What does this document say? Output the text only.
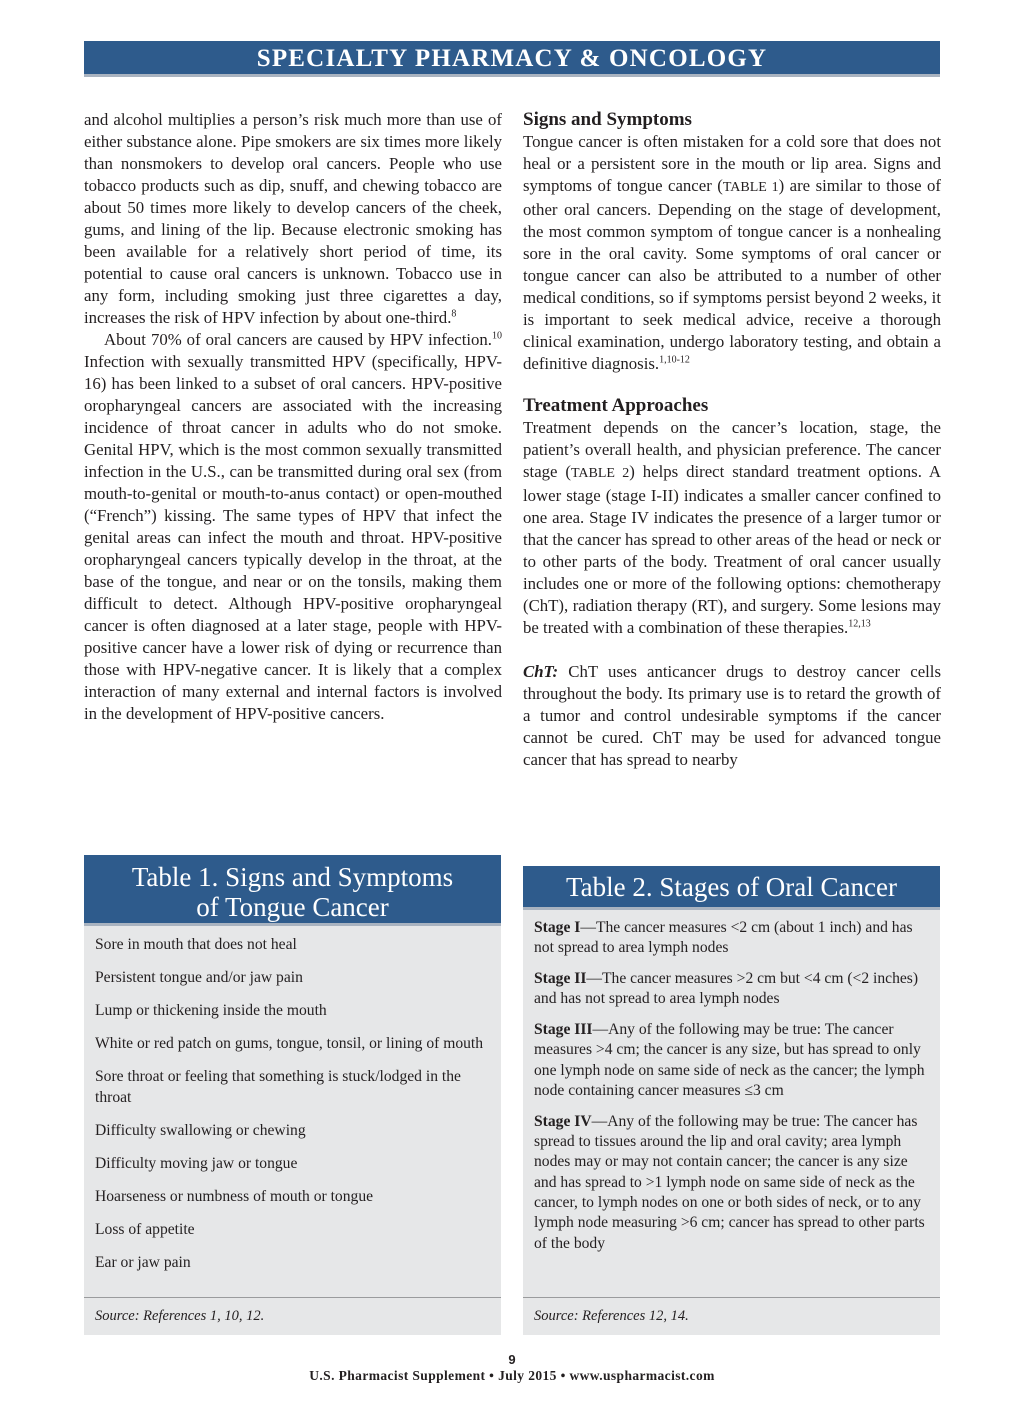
SPECIALTY PHARMACY & ONCOLOGY

and alcohol multiplies a person’s risk much more than use of either substance alone. Pipe smokers are six times more likely than nonsmokers to develop oral cancers. People who use tobacco products such as dip, snuff, and chewing tobacco are about 50 times more likely to develop cancers of the cheek, gums, and lining of the lip. Because electronic smoking has been available for a relatively short period of time, its potential to cause oral cancers is unknown. Tobacco use in any form, including smoking just three cigarettes a day, increases the risk of HPV infection by about one-third.$^8$

About 70% of oral cancers are caused by HPV infection.$^{10}$ Infection with sexually transmitted HPV (specifically, HPV-16) has been linked to a subset of oral cancers. HPV-positive oropharyngeal cancers are associated with the increasing incidence of throat cancer in adults who do not smoke. Genital HPV, which is the most common sexually transmitted infection in the U.S., can be transmitted during oral sex (from mouth-to-genital or mouth-to-anus contact) or open-mouthed (“French”) kissing. The same types of HPV that infect the genital areas can infect the mouth and throat. HPV-positive oropharyngeal cancers typically develop in the throat, at the base of the tongue, and near or on the tonsils, making them difficult to detect. Although HPV-positive oropharyngeal cancer is often diagnosed at a later stage, people with HPV-positive cancer have a lower risk of dying or recurrence than those with HPV-negative cancer. It is likely that a complex interaction of many external and internal factors is involved in the development of HPV-positive cancers.

Signs and Symptoms

Tongue cancer is often mistaken for a cold sore that does not heal or a persistent sore in the mouth or lip area. Signs and symptoms of tongue cancer (TABLE 1) are similar to those of other oral cancers. Depending on the stage of development, the most common symptom of tongue cancer is a nonhealing sore in the oral cavity. Some symptoms of oral cancer or tongue cancer can also be attributed to a number of other medical conditions, so if symptoms persist beyond 2 weeks, it is important to seek medical advice, receive a thorough clinical examination, undergo laboratory testing, and obtain a definitive diagnosis.$^{1,10-12}$

Treatment Approaches

Treatment depends on the cancer’s location, stage, the patient’s overall health, and physician preference. The cancer stage (TABLE 2) helps direct standard treatment options. A lower stage (stage I-II) indicates a smaller cancer confined to one area. Stage IV indicates the presence of a larger tumor or that the cancer has spread to other areas of the head or neck or to other parts of the body. Treatment of oral cancer usually includes one or more of the following options: chemotherapy (ChT), radiation therapy (RT), and surgery. Some lesions may be treated with a combination of these therapies.$^{12,13}$

ChT: ChT uses anticancer drugs to destroy cancer cells throughout the body. Its primary use is to retard the growth of a tumor and control undesirable symptoms if the cancer cannot be cured. ChT may be used for advanced tongue cancer that has spread to nearby

Table 1. Signs and Symptoms
of Tongue Cancer
Sore in mouth that does not heal
Persistent tongue and/or jaw pain
Lump or thickening inside the mouth
White or red patch on gums, tongue, tonsil, or lining of mouth
Sore throat or feeling that something is stuck/lodged in the throat
Difficulty swallowing or chewing
Difficulty moving jaw or tongue
Hoarseness or numbness of mouth or tongue
Loss of appetite
Ear or jaw pain
Source: References 1, 10, 12.
Table 2. Stages of Oral Cancer
Stage I—The cancer measures <2 cm (about 1 inch) and has not spread to area lymph nodes
Stage II—The cancer measures >2 cm but <4 cm (<2 inches) and has not spread to area lymph nodes
Stage III—Any of the following may be true: The cancer measures >4 cm; the cancer is any size, but has spread to only one lymph node on same side of neck as the cancer; the lymph node containing cancer measures ≤3 cm
Stage IV—Any of the following may be true: The cancer has spread to tissues around the lip and oral cavity; area lymph nodes may or may not contain cancer; the cancer is any size and has spread to >1 lymph node on same side of neck as the cancer, to lymph nodes on one or both sides of neck, or to any lymph node measuring >6 cm; cancer has spread to other parts of the body
Source: References 12, 14.
9
U.S. Pharmacist Supplement • July 2015 • www.uspharmacist.com
